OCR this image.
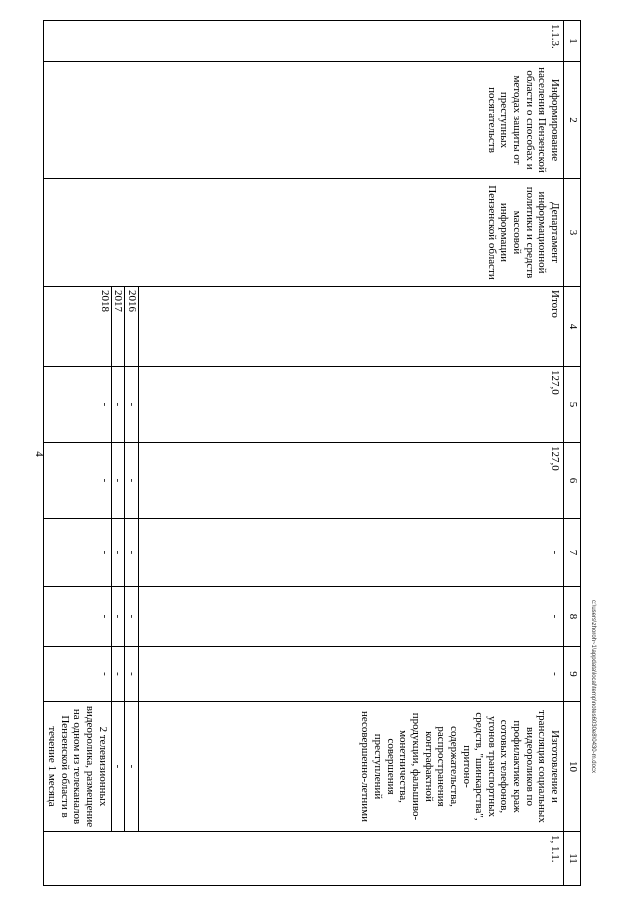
4
1	2	3	4	5	6	7	8	9	10	11
1.1.3.	Информирование населения Пензенской области о способах и методах защиты от преступных посягательств	Департамент информационной политики и средств массовой информации Пензенской области	Итого	127,0	127,0	-	-	-	Изготовление и трансляция социальных видеороликов по профилактике краж сотовых телефонов, угонов транспортных средств, "шинкарства", притоно-содержательства, распространения контрафактной продукции, фальшиво-монетничества, совершения преступлений несовершенно-летними	1, 1.1.
			2016	-	-	-	-	-	-	
			2017	-	-	-	-	-	-	
			2018	-	-	-	-	-	2 телевизионных видеоролика, размещение на одном из телеканалов Пензенской области в течение 1 месяца		c:\users\zhoroh~1\appdata\local\temp\notes6030e8\0430-m.docx
